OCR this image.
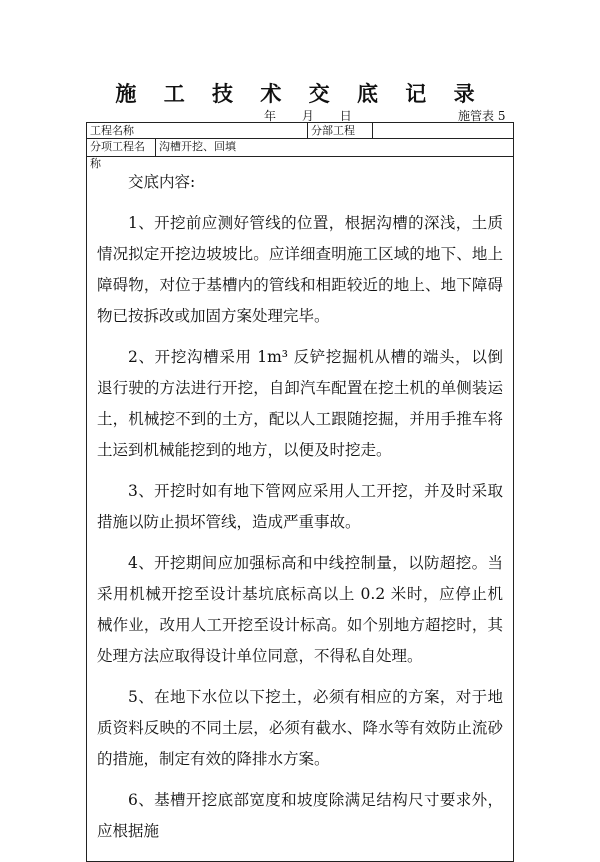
施 工 技 术 交 底 记 录
年 月 日	施管表 5
工程名称	分部工程
分项工程名称
沟槽开挖、回填

交底内容:

1、开挖前应测好管线的位置，根据沟槽的深浅，土质情况拟定开挖边坡坡比。应详细查明施工区域的地下、地上障碍物，对位于基槽内的管线和相距较近的地上、地下障碍物已按拆改或加固方案处理完毕。

2、开挖沟槽采用 1m³ 反铲挖掘机从槽的端头，以倒退行驶的方法进行开挖，自卸汽车配置在挖土机的单侧装运土，机械挖不到的土方，配以人工跟随挖掘，并用手推车将土运到机械能挖到的地方，以便及时挖走。

3、开挖时如有地下管网应采用人工开挖，并及时采取措施以防止损坏管线，造成严重事故。

4、开挖期间应加强标高和中线控制量，以防超挖。当采用机械开挖至设计基坑底标高以上 0.2 米时，应停止机械作业，改用人工开挖至设计标高。如个别地方超挖时，其处理方法应取得设计单位同意，不得私自处理。

5、在地下水位以下挖土，必须有相应的方案，对于地质资料反映的不同土层，必须有截水、降水等有效防止流砂的措施，制定有效的降排水方案。

6、基槽开挖底部宽度和坡度除满足结构尺寸要求外，应根据施
